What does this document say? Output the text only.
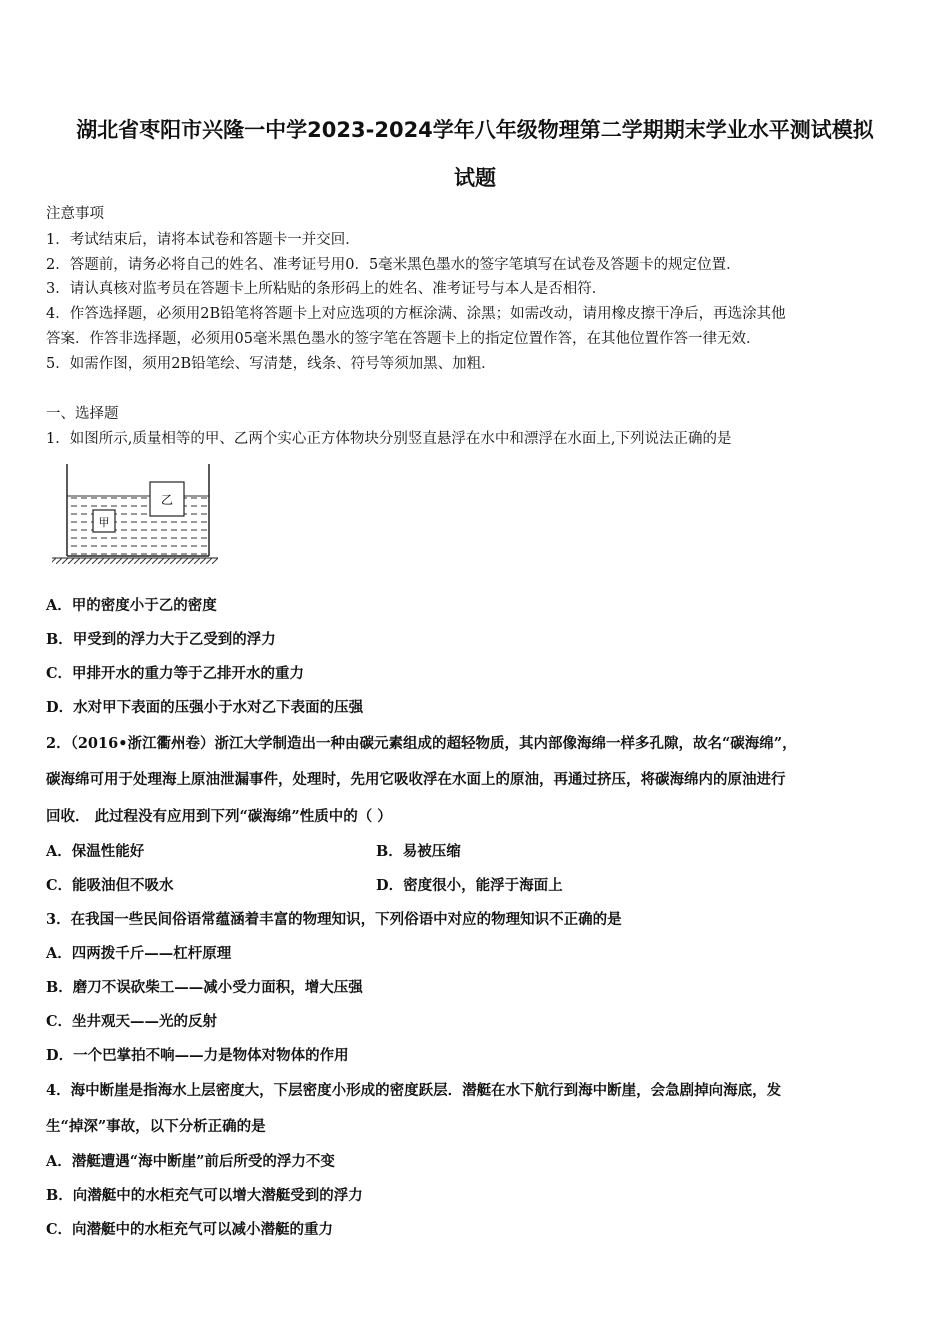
湖北省枣阳市兴隆一中学2023-2024学年八年级物理第二学期期末学业水平测试模拟
试题
注意事项
1．考试结束后，请将本试卷和答题卡一并交回．
2．答题前，请务必将自己的姓名、准考证号用0．5毫米黑色墨水的签字笔填写在试卷及答题卡的规定位置．
3．请认真核对监考员在答题卡上所粘贴的条形码上的姓名、准考证号与本人是否相符．
4．作答选择题，必须用2B铅笔将答题卡上对应选项的方框涂满、涂黑；如需改动，请用橡皮擦干净后，再选涂其他
答案．作答非选择题，必须用05毫米黑色墨水的签字笔在答题卡上的指定位置作答，在其他位置作答一律无效．
5．如需作图，须用2B铅笔绘、写清楚，线条、符号等须加黑、加粗．
一、选择题
1．如图所示,质量相等的甲、乙两个实心正方体物块分别竖直悬浮在水中和漂浮在水面上,下列说法正确的是
甲
乙
A．甲的密度小于乙的密度
B．甲受到的浮力大于乙受到的浮力
C．甲排开水的重力等于乙排开水的重力
D．水对甲下表面的压强小于水对乙下表面的压强
2．（2016•浙江衢州卷）浙江大学制造出一种由碳元素组成的超轻物质，其内部像海绵一样多孔隙，故名“碳海绵”，
碳海绵可用于处理海上原油泄漏事件，处理时，先用它吸收浮在水面上的原油，再通过挤压，将碳海绵内的原油进行
回收． 此过程没有应用到下列“碳海绵”性质中的（ ）
A．保温性能好	B．易被压缩
C．能吸油但不吸水	D．密度很小，能浮于海面上
3．在我国一些民间俗语常蕴涵着丰富的物理知识，下列俗语中对应的物理知识不正确的是
A．四两拨千斤——杠杆原理
B．磨刀不误砍柴工——减小受力面积，增大压强
C．坐井观天——光的反射
D．一个巴掌拍不响——力是物体对物体的作用
4．海中断崖是指海水上层密度大，下层密度小形成的密度跃层．潜艇在水下航行到海中断崖，会急剧掉向海底，发
生“掉深”事故，以下分析正确的是
A．潜艇遭遇“海中断崖”前后所受的浮力不变
B．向潜艇中的水柜充气可以增大潜艇受到的浮力
C．向潜艇中的水柜充气可以减小潜艇的重力
